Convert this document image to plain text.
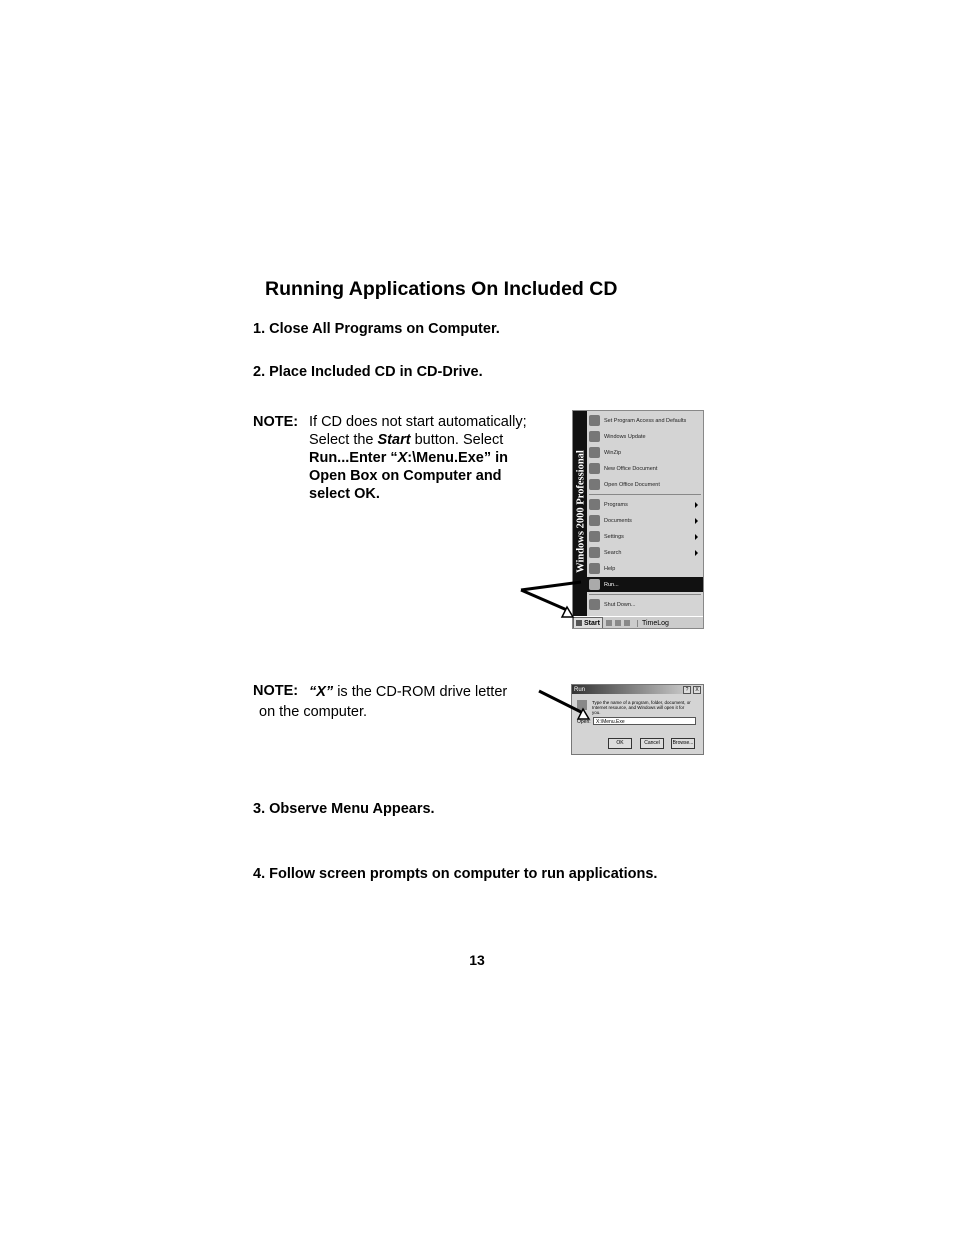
Running Applications On Included CD
1. Close All Programs on Computer.
2. Place Included CD in CD-Drive.
NOTE: If CD does not start automatically;
Select the Start button. Select
Run...Enter “X:\Menu.Exe” in
Open Box on Computer and
select OK.	Windows 2000 Professional
Set Program Access and Defaults
Windows Update
WinZip
New Office Document
Open Office Document
Programs
Documents
Settings
Search
Help
Run...
Shut Down...
Start	TimeLog
NOTE: “X” is the CD-ROM drive letter
on the computer.
Run	?	X
Type the name of a program, folder, document, or Internet resource, and Windows will open it for you.
Open:	X:\Menu.Exe
OK	Cancel	Browse...
3. Observe Menu Appears.
4. Follow screen prompts on computer to run applications.
13
